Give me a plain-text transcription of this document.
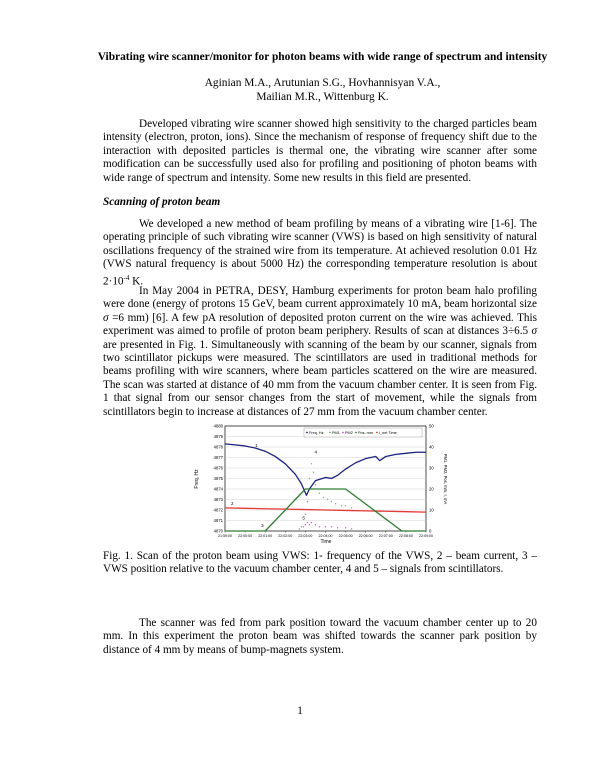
Vibrating wire scanner/monitor for photon beams with wide range of spectrum and intensity
Aginian M.A., Arutunian S.G., Hovhannisyan V.A.,
Mailian M.R., Wittenburg K.

Developed vibrating wire scanner showed high sensitivity to the charged particles beam intensity (electron, proton, ions). Since the mechanism of response of frequency shift due to the interaction with deposited particles is thermal one, the vibrating wire scanner after some modification can be successfully used also for profiling and positioning of photon beams with wide range of spectrum and intensity. Some new results in this field are presented.

Scanning of proton beam

We developed a new method of beam profiling by means of a vibrating wire [1-6]. The operating principle of such vibrating wire scanner (VWS) is based on high sensitivity of natural oscillations frequency of the strained wire from its temperature. At achieved resolution 0.01 Hz (VWS natural frequency is about 5000 Hz) the corresponding temperature resolution is about $2\cdot 10^{-4}$ K.

In May 2004 in PETRA, DESY, Hamburg experiments for proton beam halo profiling were done (energy of protons 15 GeV, beam current approximately 10 mA, beam horizontal size σ =6 mm) [6]. A few pA resolution of deposited proton current on the wire was achieved. This experiment was aimed to profile of proton beam periphery. Results of scan at distances 3÷6.5 σ are presented in Fig. 1. Simultaneously with scanning of the beam by our scanner, signals from two scintillator pickups were measured. The scintillators are used in traditional methods for beams profiling with wire scanners, where beam particles scattered on the wire are measured. The scan was started at distance of 40 mm from the vacuum chamber center. It is seen from Fig. 1 that signal from our sensor changes from the start of movement, while the signals from scintillators begin to increase at distances of 27 mm from the vacuum chamber center.

4880
4879
4878
4877
4876
4875
4874
4873
4872
4871
4870
50
40
30
20
10
0
21:59:00 22:00:00 22:01:00 22:02:00 22:03:00 22:04:00 22:05:00 22:06:00 22:07:00 22:08:00 22:09:00
1
2
3
4
5
Freq, Hz PM1 PM2 Pos, mm I_net Time
Time
Freq, Hz	PM1, PM2, Pos, mm, I, mA
Fig. 1. Scan of the proton beam using VWS: 1- frequency of the VWS, 2 – beam current, 3 – VWS position relative to the vacuum chamber center, 4 and 5 – signals from scintillators.

The scanner was fed from park position toward the vacuum chamber center up to 20 mm. In this experiment the proton beam was shifted towards the scanner park position by distance of 4 mm by means of bump-magnets system.

1
